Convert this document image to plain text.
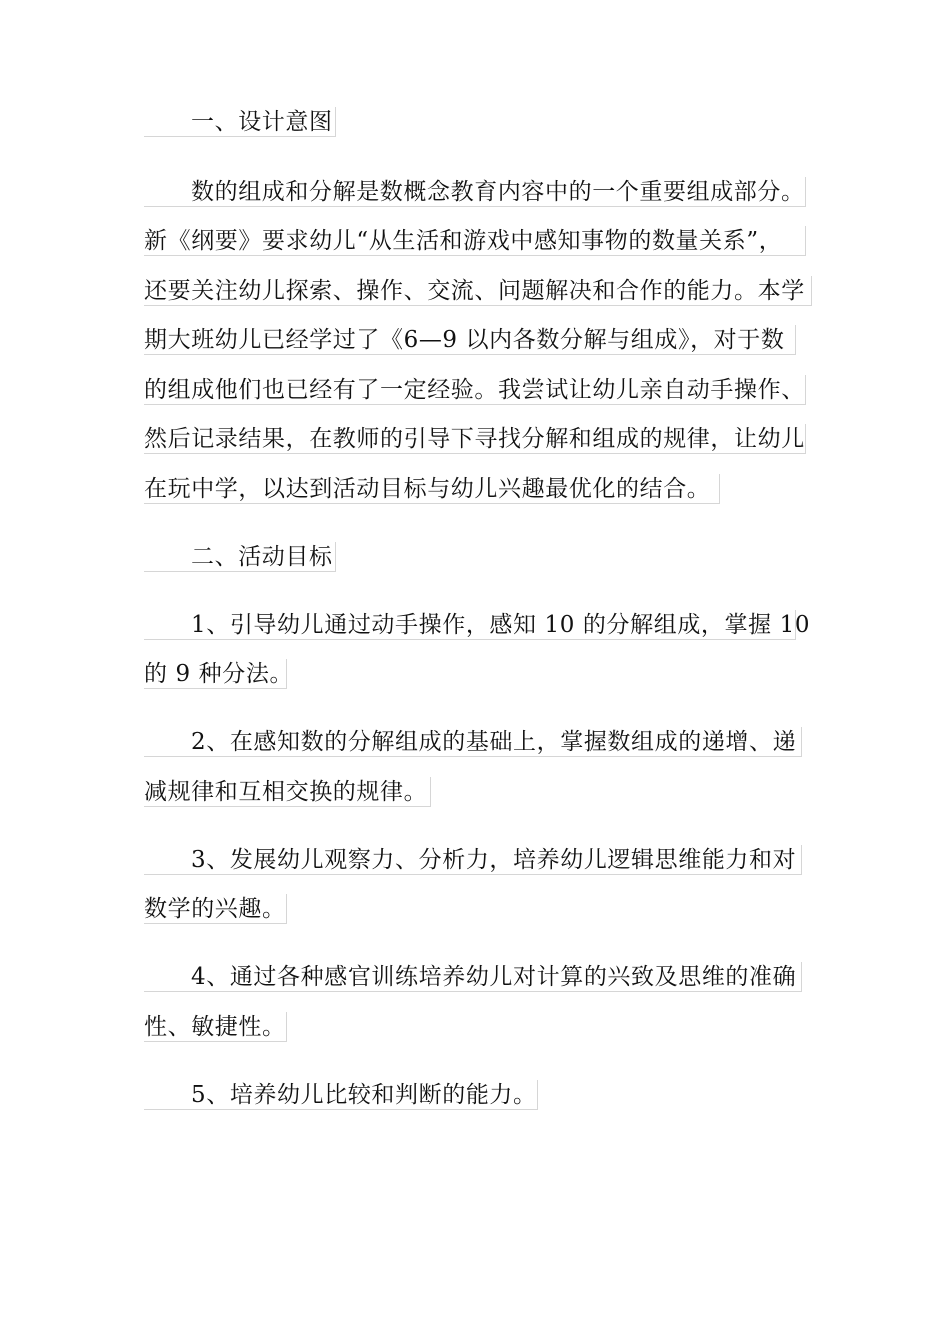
一、设计意图
数的组成和分解是数概念教育内容中的一个重要组成部分。
新《纲要》要求幼儿“从生活和游戏中感知事物的数量关系”，
还要关注幼儿探索、操作、交流、问题解决和合作的能力。本学
期大班幼儿已经学过了《6—9 以内各数分解与组成》，对于数
的组成他们也已经有了一定经验。我尝试让幼儿亲自动手操作、
然后记录结果，在教师的引导下寻找分解和组成的规律，让幼儿
在玩中学，以达到活动目标与幼儿兴趣最优化的结合。
二、活动目标
1、引导幼儿通过动手操作，感知 10 的分解组成，掌握 10
的 9 种分法。
2、在感知数的分解组成的基础上，掌握数组成的递增、递
减规律和互相交换的规律。
3、发展幼儿观察力、分析力，培养幼儿逻辑思维能力和对
数学的兴趣。
4、通过各种感官训练培养幼儿对计算的兴致及思维的准确
性、敏捷性。
5、培养幼儿比较和判断的能力。
